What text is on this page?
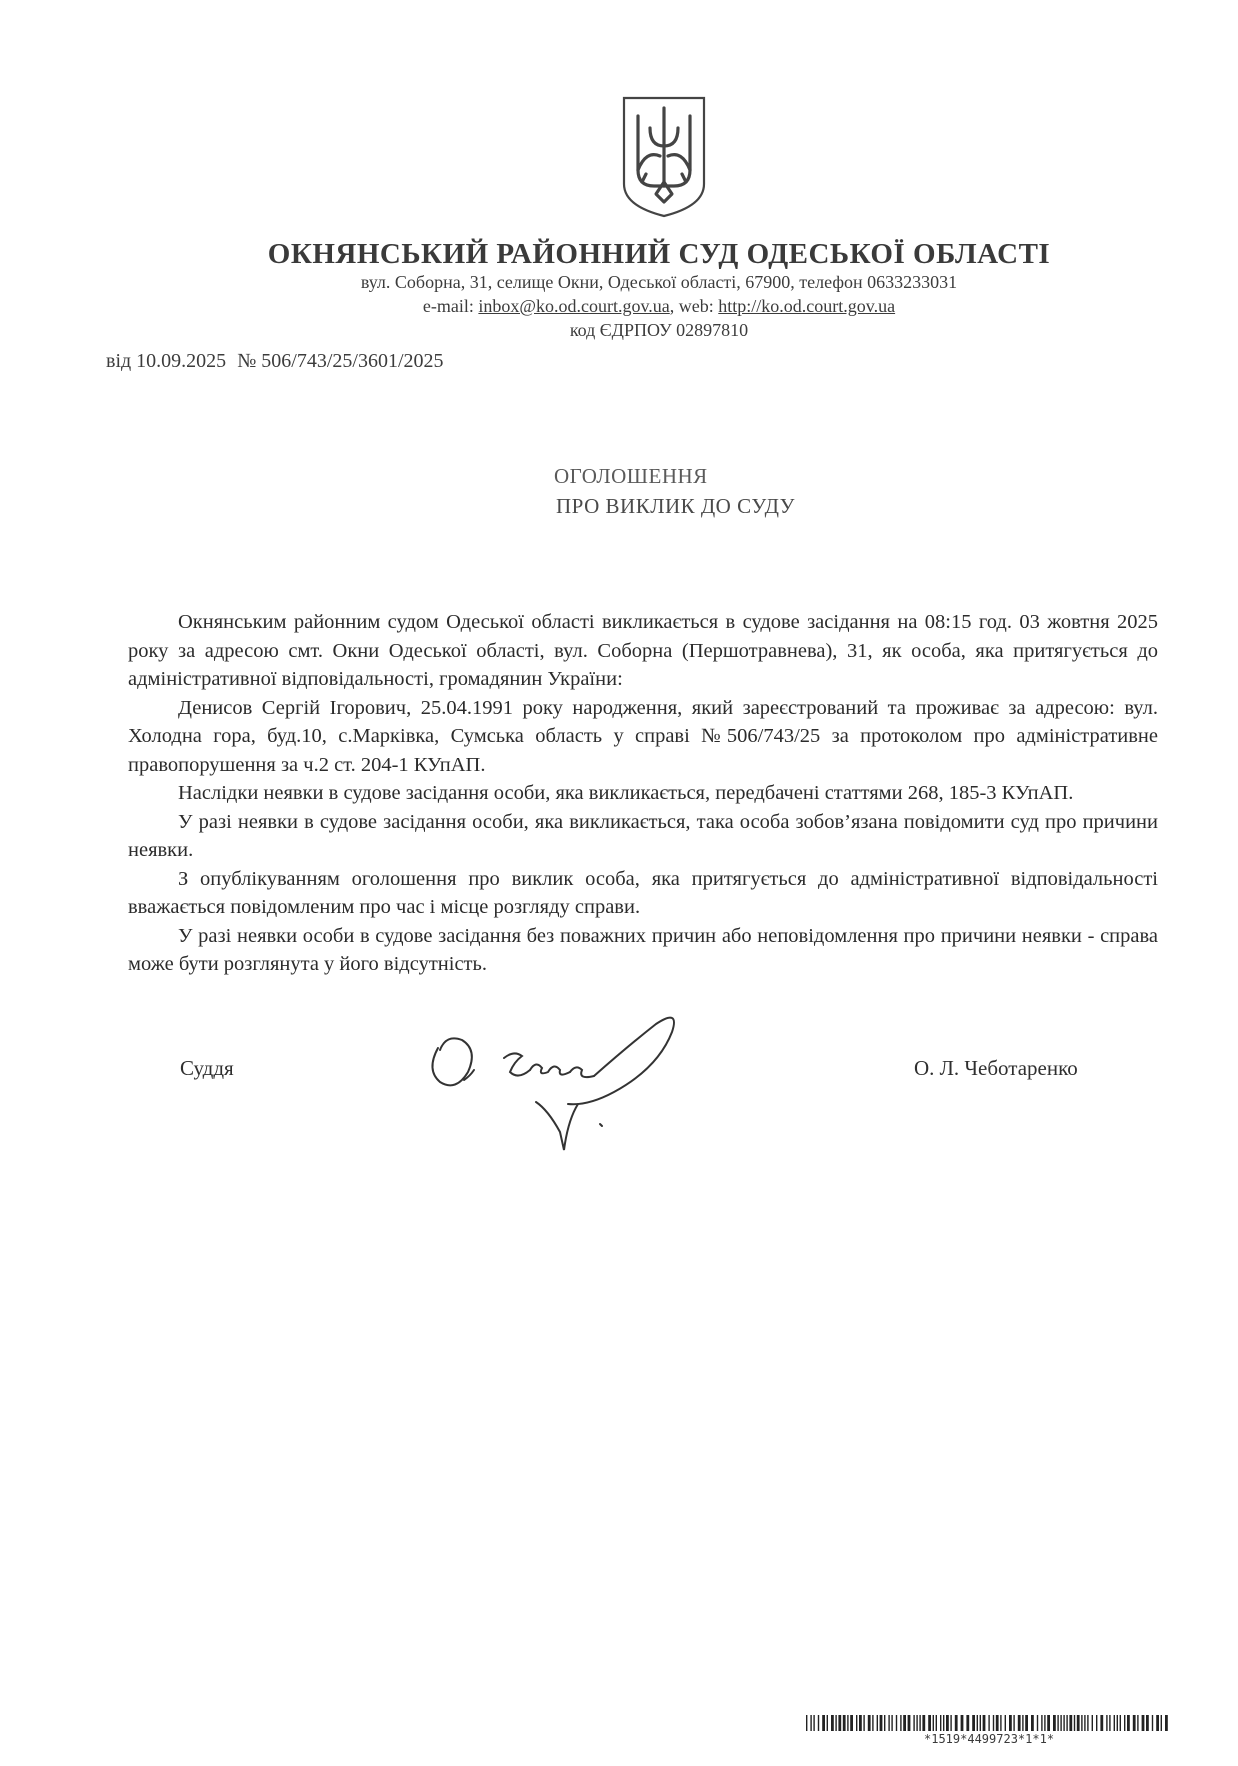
ОКНЯНСЬКИЙ РАЙОННИЙ СУД ОДЕСЬКОЇ ОБЛАСТІ
вул. Соборна, 31, селище Окни, Одеської області, 67900, телефон 0633233031
e-mail: inbox@ko.od.court.gov.ua, web: http://ko.od.court.gov.ua
код ЄДРПОУ 02897810
від 10.09.2025 № 506/743/25/3601/2025
ОГОЛОШЕННЯ
ПРО ВИКЛИК ДО СУДУ

Окнянським районним судом Одеської області викликається в судове засідання на 08:15 год. 03 жовтня 2025 року за адресою смт. Окни Одеської області, вул. Соборна (Першотравнева), 31, як особа, яка притягується до адміністративної відповідальності, громадянин України:

Денисов Сергій Ігорович, 25.04.1991 року народження, який зареєстрований та проживає за адресою: вул. Холодна гора, буд.10, с.Марківка, Сумська область у справі №506/743/25 за протоколом про адміністративне правопорушення за ч.2 ст. 204-1 КУпАП.

Наслідки неявки в судове засідання особи, яка викликається, передбачені статтями 268, 185-3 КУпАП.

У разі неявки в судове засідання особи, яка викликається, така особа зобов’язана повідомити суд про причини неявки.

З опублікуванням оголошення про виклик особа, яка притягується до адміністративної відповідальності вважається повідомленим про час і місце розгляду справи.

У разі неявки особи в судове засідання без поважних причин або неповідомлення про причини неявки - справа може бути розглянута у його відсутність.

Суддя	О. Л. Чеботаренко
*1519*4499723*1*1*
